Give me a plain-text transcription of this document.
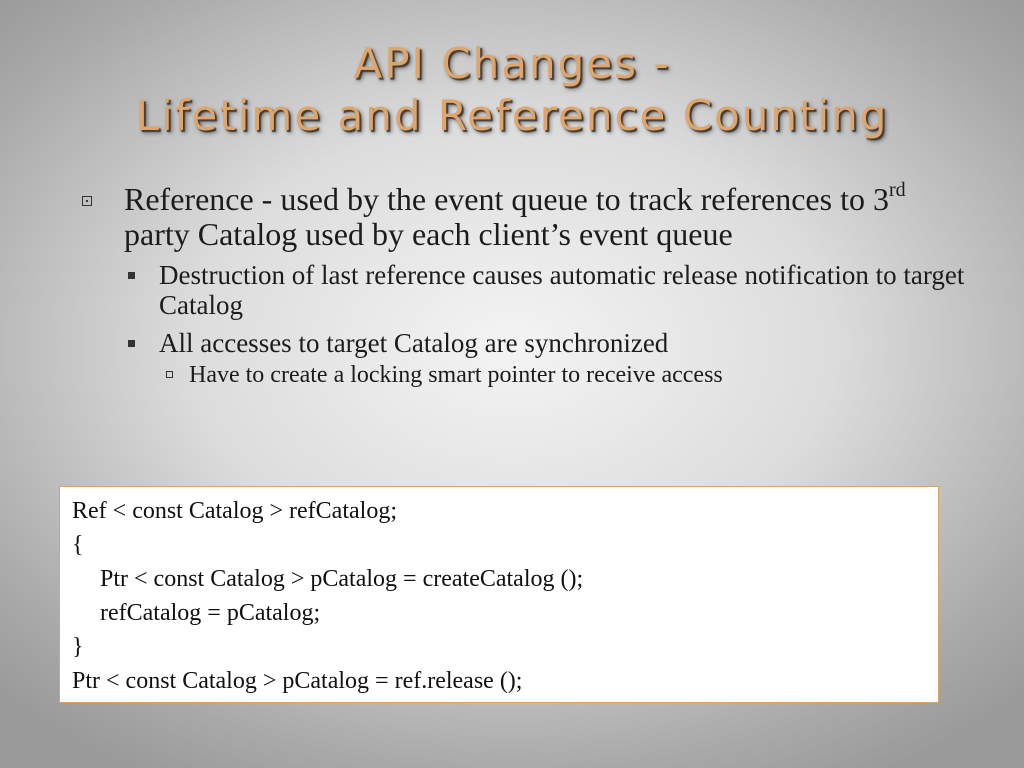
API Changes -
Lifetime and Reference Counting
Reference - used by the event queue to track references to 3rd party Catalog used by each client’s event queue
Destruction of last reference causes automatic release notification to target Catalog
All accesses to target Catalog are synchronized
Have to create a locking smart pointer to receive access
Ref < const Catalog > refCatalog;
{
Ptr < const Catalog > pCatalog = createCatalog ();
refCatalog = pCatalog;
}
Ptr < const Catalog > pCatalog = ref.release ();
